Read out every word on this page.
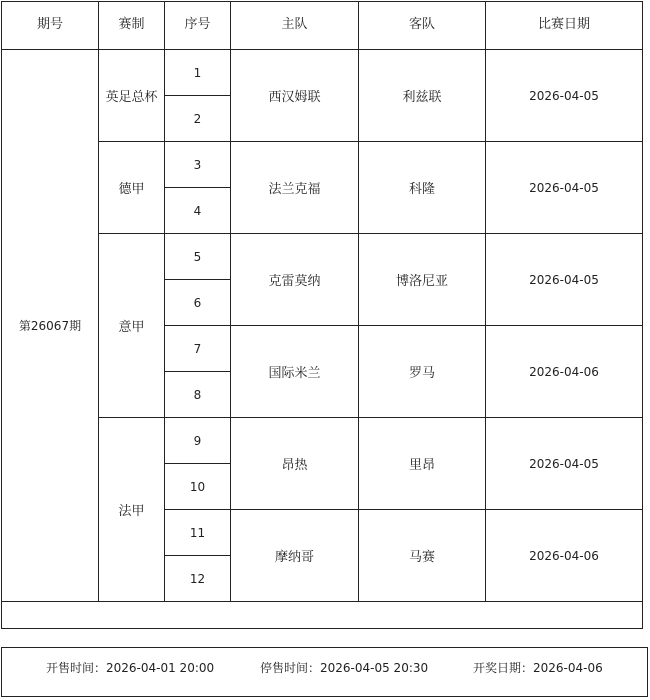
期号	赛制	序号	主队	客队	比赛日期
第26067期	英足总杯	1	西汉姆联	利兹联	2026-04-05
		2			
	德甲	3	法兰克福	科隆	2026-04-05
		4			
	意甲	5	克雷莫纳	博洛尼亚	2026-04-05
		6			
		7	国际米兰	罗马	2026-04-06
		8			
	法甲	9	昂热	里昂	2026-04-05
		10			
		11	摩纳哥	马赛	2026-04-06
		12			

开售时间：2026-04-01 20:00	停售时间：2026-04-05 20:30	开奖日期：2026-04-06
